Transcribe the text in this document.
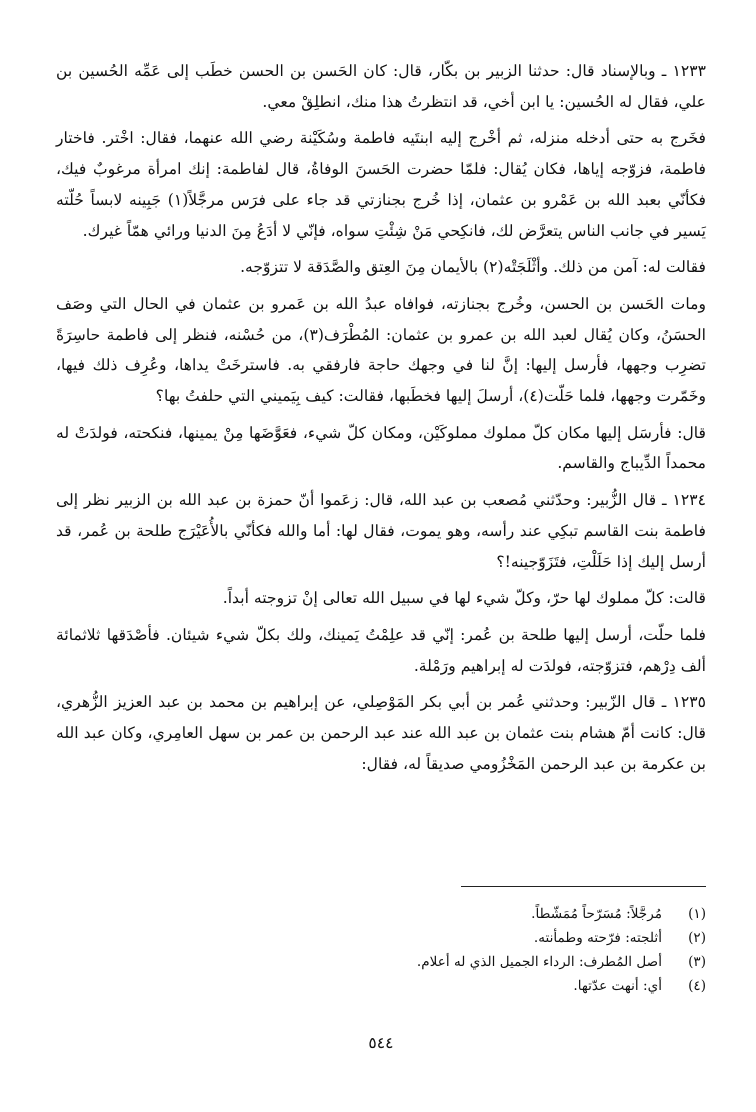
١٢٣٣ ـ وبالإسناد قال: حدثنا الزبير بن بكّار، قال: كان الحَسن بن الحسن خطَب إلى عَمِّه الحُسين بن علي، فقال له الحُسين: يا ابن أخي، قد انتظرتُ هذا منك، انطلِقْ معي.

فخَرج به حتى أدخله منزله، ثم أخْرج إليه ابنتَيه فاطمة وسُكَيْنة رضي الله عنهما، فقال: اخْتر. فاختار فاطمة، فزوّجه إياها، فكان يُقال: فلمّا حضرت الحَسنَ الوفاةُ، قال لفاطمة: إنك امرأة مرغوبٌ فيك، فكأنّي بعبد الله بن عَمْرو بن عثمان، إذا خُرج بجنازتي قد جاء على فرَس مرجَّلاً(١) جَبِينه لابساً حُلّته يَسير في جانب الناس يتعرَّض لك، فانكِحي مَنْ شِئْتِ سواه، فإنّي لا أدَعُ مِنَ الدنيا ورائي همّاً غيرك.

فقالت له: آمن من ذلك. وأثْلَجَتْه(٢) بالأيمان مِنَ العِتق والصَّدَقة لا تتزوّجه.

ومات الحَسن بن الحسن، وخُرج بجنازته، فوافاه عبدُ الله بن عَمرو بن عثمان في الحال التي وصَف الحسَنُ، وكان يُقال لعبد الله بن عمرو بن عثمان: المُطْرَف(٣)، من حُسْنه، فنظر إلى فاطمة حاسِرَةً تضرِب وجهها، فأرسل إليها: إنَّ لنا في وجهك حاجة فارفقي به. فاسترخَتْ يداها، وعُرِف ذلك فيها، وخَمّرت وجهها، فلما حَلّت(٤)، أرسلَ إليها فخطَبها، فقالت: كيف بِيَميني التي حلفتُ بها؟

قال: فأرسَل إليها مكان كلّ مملوك مملوكَيْن، ومكان كلّ شيء، فعَوَّضَها مِنْ يمينها، فنكحته، فولدَتْ له محمداً الدِّيباج والقاسم.

١٢٣٤ ـ قال الزُّبير: وحدّثني مُصعب بن عبد الله، قال: زعَموا أنّ حمزة بن عبد الله بن الزبير نظر إلى فاطمة بنت القاسم تبكِي عند رأسه، وهو يموت، فقال لها: أما والله فكأنّي بالأُعَيْرَج طلحة بن عُمر، قد أرسل إليك إذا حَلَلْتِ، فتَزَوّجينه!؟

قالت: كلّ مملوك لها حرّ، وكلّ شيء لها في سبيل الله تعالى إنْ تزوجته أبداً.

فلما حلّت، أرسل إليها طلحة بن عُمر: إنّي قد علِمْتُ يَمينك، ولك بكلّ شيء شيئان. فأصْدَقها ثلاثمائة ألف دِرْهم، فتزوّجته، فولدَت له إبراهيم ورَمْلة.

١٢٣٥ ـ قال الزّبير: وحدثني عُمر بن أبي بكر المَوْصِلي، عن إبراهيم بن محمد بن عبد العزيز الزُّهري، قال: كانت أمّ هشام بنت عثمان بن عبد الله عند عبد الرحمن بن عمر بن سهل العامِري، وكان عبد الله بن عكرمة بن عبد الرحمن المَخْزُومي صديقاً له، فقال:

(١)مُرجَّلاً: مُسَرّحاً مُمَشّطاً.
(٢)أثلجته: فرّحته وطمأنته.
(٣)أصل المُطرف: الرداء الجميل الذي له أعلام.
(٤)أي: أنهت عدّتها.
٥٤٤
